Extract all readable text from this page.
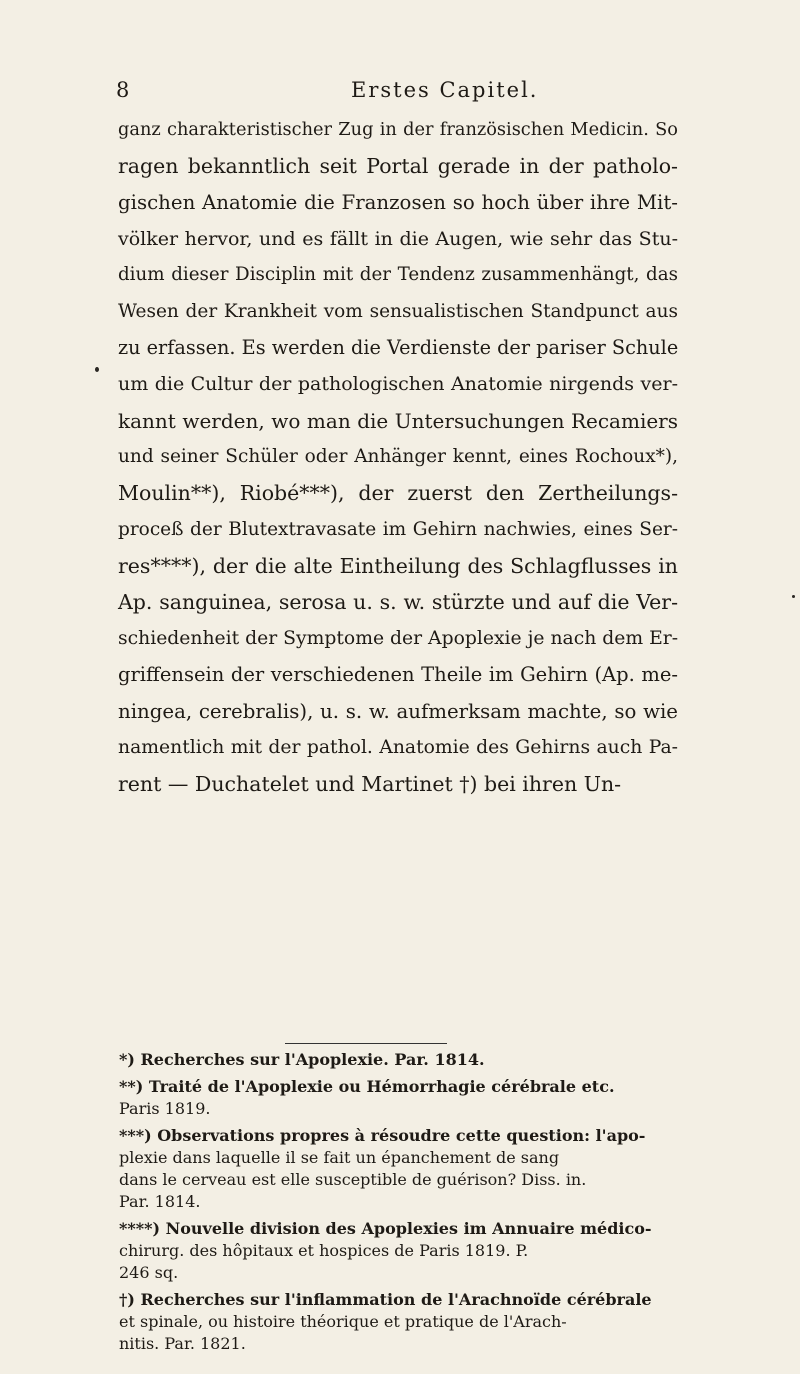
8	Erstes Capitel.
ganz charakteristischer Zug in der französischen Medicin. So
ragen bekanntlich seit Portal gerade in der patholo-
gischen Anatomie die Franzosen so hoch über ihre Mit-
völker hervor, und es fällt in die Augen, wie sehr das Stu-
dium dieser Disciplin mit der Tendenz zusammenhängt, das
Wesen der Krankheit vom sensualistischen Standpunct aus
zu erfassen. Es werden die Verdienste der pariser Schule
um die Cultur der pathologischen Anatomie nirgends ver-
kannt werden, wo man die Untersuchungen Recamiers
und seiner Schüler oder Anhänger kennt, eines Rochoux*),
Moulin**), Riobé***), der zuerst den Zertheilungs-
proceß der Blutextravasate im Gehirn nachwies, eines Ser-
res****), der die alte Eintheilung des Schlagflusses in
Ap. sanguinea, serosa u. s. w. stürzte und auf die Ver-
schiedenheit der Symptome der Apoplexie je nach dem Er-
griffensein der verschiedenen Theile im Gehirn (Ap. me-
ningea, cerebralis), u. s. w. aufmerksam machte, so wie
namentlich mit der pathol. Anatomie des Gehirns auch Pa-
rent — Duchatelet und Martinet †) bei ihren Un-
*) Recherches sur l'Apoplexie. Par. 1814.
**) Traité de l'Apoplexie ou Hémorrhagie cérébrale etc.
Paris 1819.
***) Observations propres à résoudre cette question: l'apo-
plexie dans laquelle il se fait un épanchement de sang
dans le cerveau est elle susceptible de guérison? Diss. in.
Par. 1814.
****) Nouvelle division des Apoplexies im Annuaire médico-
chirurg. des hôpitaux et hospices de Paris 1819. P.
246 sq.
†) Recherches sur l'inflammation de l'Arachnoïde cérébrale
et spinale, ou histoire théorique et pratique de l'Arach-
nitis. Par. 1821.
